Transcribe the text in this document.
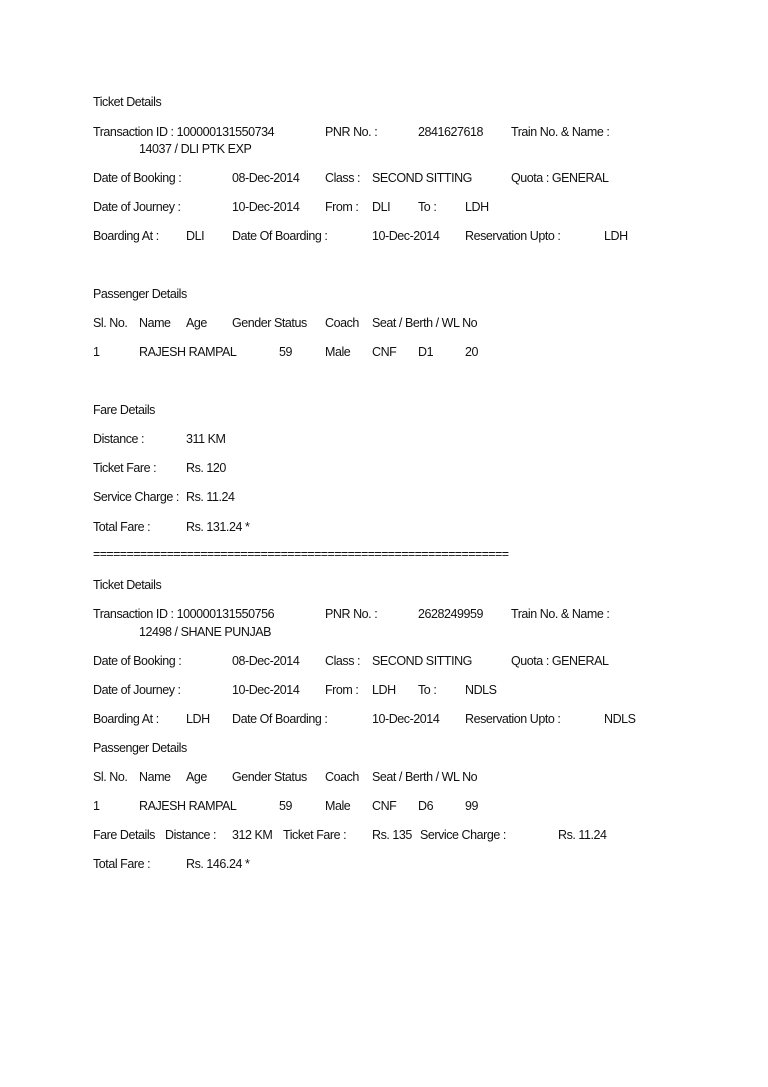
Ticket Details
Transaction ID : 100000131550734	PNR No. :	2841627618 Train No. & Name :
14037 / DLI PTK EXP
Date of Booking :	08-Dec-2014 Class : SECOND SITTING	Quota : GENERAL
Date of Journey :	10-Dec-2014 From : DLI To : LDH
Boarding At : DLI Date Of Boarding :	10-Dec-2014 Reservation Upto :	LDH
Passenger Details
Sl. No. Name Age Gender Status Coach Seat / Berth / WL No
1	RAJESH RAMPAL	59	Male CNF D1	20
Fare Details
Distance :	311 KM
Ticket Fare : Rs. 120
Service Charge : Rs. 11.24
Total Fare :	Rs. 131.24 *
==============================================================
Ticket Details
Transaction ID : 100000131550756	PNR No. :	2628249959 Train No. & Name :
12498 / SHANE PUNJAB
Date of Booking :	08-Dec-2014 Class : SECOND SITTING	Quota : GENERAL
Date of Journey :	10-Dec-2014 From : LDH To : NDLS
Boarding At : LDH Date Of Boarding :	10-Dec-2014 Reservation Upto :	NDLS
Passenger Details
Sl. No. Name Age Gender Status Coach Seat / Berth / WL No
1	RAJESH RAMPAL	59	Male CNF D6	99
Fare Details Distance : 312 KM Ticket Fare : Rs. 135 Service Charge :	Rs. 11.24
Total Fare :	Rs. 146.24 *
